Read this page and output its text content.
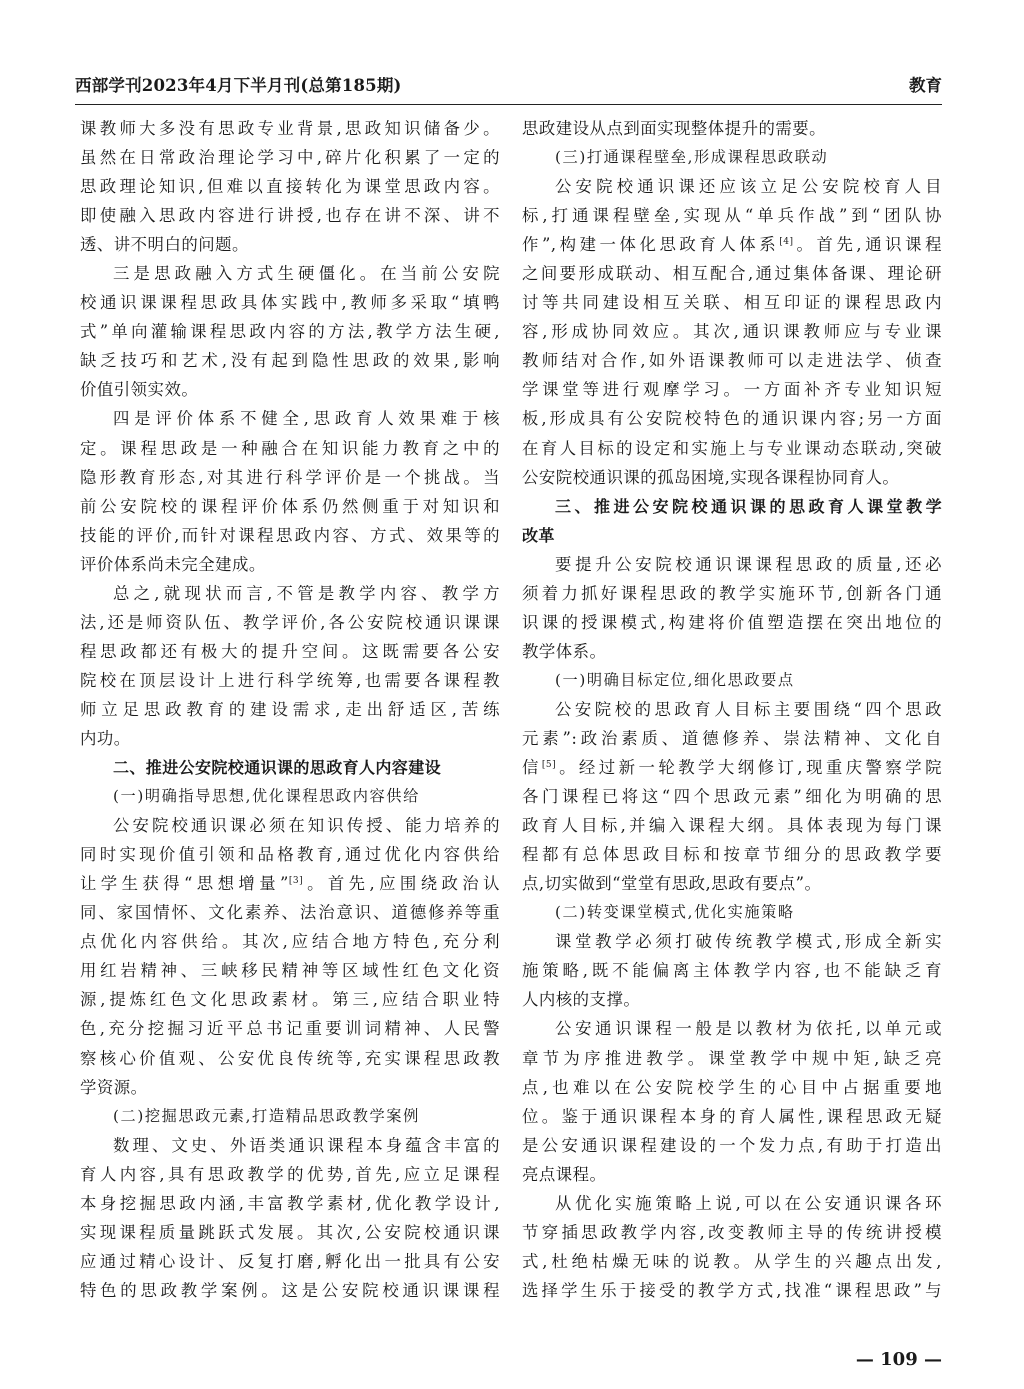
西部学刊2023年4月下半月刊(总第185期)	教育

课教师大多没有思政专业背景,思政知识储备少。

虽然在日常政治理论学习中,碎片化积累了一定的

思政理论知识,但难以直接转化为课堂思政内容。

即使融入思政内容进行讲授,也存在讲不深、讲不

透、讲不明白的问题。

三是思政融入方式生硬僵化。在当前公安院

校通识课课程思政具体实践中,教师多采取“填鸭

式”单向灌输课程思政内容的方法,教学方法生硬,

缺乏技巧和艺术,没有起到隐性思政的效果,影响

价值引领实效。

四是评价体系不健全,思政育人效果难于核

定。课程思政是一种融合在知识能力教育之中的

隐形教育形态,对其进行科学评价是一个挑战。当

前公安院校的课程评价体系仍然侧重于对知识和

技能的评价,而针对课程思政内容、方式、效果等的

评价体系尚未完全建成。

总之,就现状而言,不管是教学内容、教学方

法,还是师资队伍、教学评价,各公安院校通识课课

程思政都还有极大的提升空间。这既需要各公安

院校在顶层设计上进行科学统筹,也需要各课程教

师立足思政教育的建设需求,走出舒适区,苦练

内功。

二、推进公安院校通识课的思政育人内容建设

(一)明确指导思想,优化课程思政内容供给

公安院校通识课必须在知识传授、能力培养的

同时实现价值引领和品格教育,通过优化内容供给

让学生获得“思想增量”[3]。首先,应围绕政治认

同、家国情怀、文化素养、法治意识、道德修养等重

点优化内容供给。其次,应结合地方特色,充分利

用红岩精神、三峡移民精神等区域性红色文化资

源,提炼红色文化思政素材。第三,应结合职业特

色,充分挖掘习近平总书记重要训词精神、人民警

察核心价值观、公安优良传统等,充实课程思政教

学资源。

(二)挖掘思政元素,打造精品思政教学案例

数理、文史、外语类通识课程本身蕴含丰富的

育人内容,具有思政教学的优势,首先,应立足课程

本身挖掘思政内涵,丰富教学素材,优化教学设计,

实现课程质量跳跃式发展。其次,公安院校通识课

应通过精心设计、反复打磨,孵化出一批具有公安

特色的思政教学案例。这是公安院校通识课课程

思政建设从点到面实现整体提升的需要。

(三)打通课程壁垒,形成课程思政联动

公安院校通识课还应该立足公安院校育人目

标,打通课程壁垒,实现从“单兵作战”到“团队协

作”,构建一体化思政育人体系[4]。首先,通识课程

之间要形成联动、相互配合,通过集体备课、理论研

讨等共同建设相互关联、相互印证的课程思政内

容,形成协同效应。其次,通识课教师应与专业课

教师结对合作,如外语课教师可以走进法学、侦查

学课堂等进行观摩学习。一方面补齐专业知识短

板,形成具有公安院校特色的通识课内容;另一方面

在育人目标的设定和实施上与专业课动态联动,突破

公安院校通识课的孤岛困境,实现各课程协同育人。

三、推进公安院校通识课的思政育人课堂教学

改革

要提升公安院校通识课课程思政的质量,还必

须着力抓好课程思政的教学实施环节,创新各门通

识课的授课模式,构建将价值塑造摆在突出地位的

教学体系。

(一)明确目标定位,细化思政要点

公安院校的思政育人目标主要围绕“四个思政

元素”:政治素质、道德修养、崇法精神、文化自

信[5]。经过新一轮教学大纲修订,现重庆警察学院

各门课程已将这“四个思政元素”细化为明确的思

政育人目标,并编入课程大纲。具体表现为每门课

程都有总体思政目标和按章节细分的思政教学要

点,切实做到“堂堂有思政,思政有要点”。

(二)转变课堂模式,优化实施策略

课堂教学必须打破传统教学模式,形成全新实

施策略,既不能偏离主体教学内容,也不能缺乏育

人内核的支撑。

公安通识课程一般是以教材为依托,以单元或

章节为序推进教学。课堂教学中规中矩,缺乏亮

点,也难以在公安院校学生的心目中占据重要地

位。鉴于通识课程本身的育人属性,课程思政无疑

是公安通识课程建设的一个发力点,有助于打造出

亮点课程。

从优化实施策略上说,可以在公安通识课各环

节穿插思政教学内容,改变教师主导的传统讲授模

式,杜绝枯燥无味的说教。从学生的兴趣点出发,

选择学生乐于接受的教学方式,找准“课程思政”与

— 109 —
